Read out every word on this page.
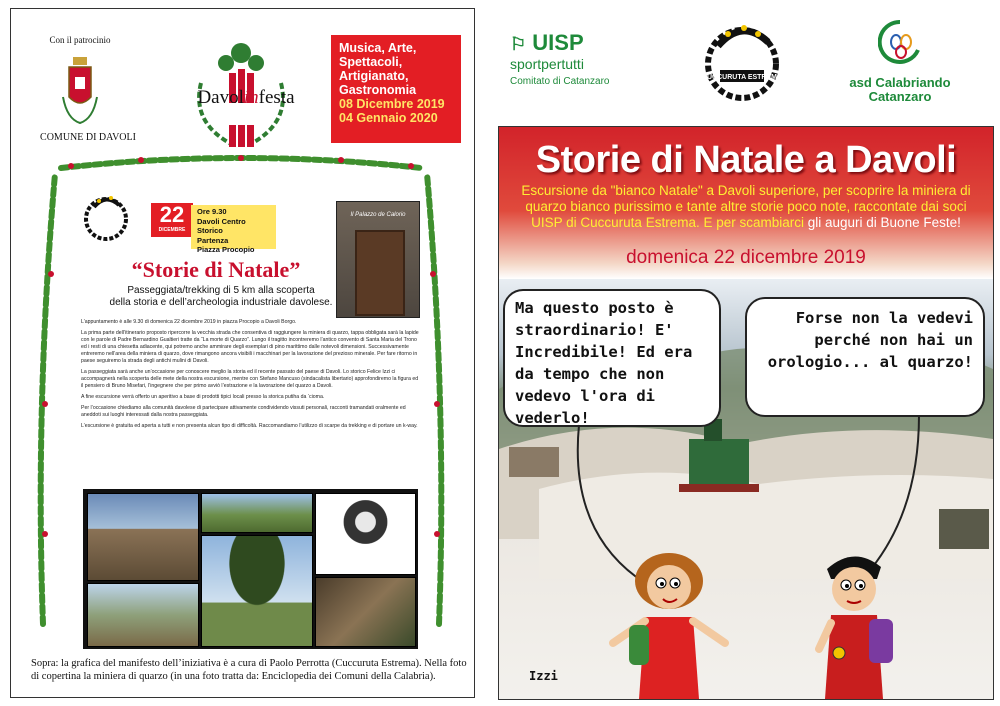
Con il patrocinio
COMUNE DI DAVOLI
Davolinfesta
Musica, Arte, Spettacoli, Artigianato, Gastronomia
08 Dicembre 2019
04 Gennaio 2020
22
DICEMBRE
Ore 9.30
Davoli Centro Storico
Partenza
Piazza Procopio
Il Palazzo de Calorio
“Storie di Natale”
Passeggiata/trekking di 5 km alla scoperta
della storia e dell’archeologia industriale davolese.

L’appuntamento è alle 9.30 di domenica 22 dicembre 2019 in piazza Procopio a Davoli Borgo.

La prima parte dell’itinerario proposto ripercorre la vecchia strada che consentiva di raggiungere la miniera di quarzo, tappa obbligata sarà la lapide con le parole di Padre Bernardino Gualtieri tratte da “La morte di Quarzo”. Lungo il tragitto incontreremo l’antico convento di Santa Maria del Trono ed i resti di una chiesetta adiacente, qui potremo anche ammirare degli esemplari di pino marittimo dalle notevoli dimensioni. Successivamente entreremo nell’area della miniera di quarzo, dove rimangono ancora visibili i macchinari per la lavorazione del prezioso minerale. Per fare ritorno in paese seguiremo la strada degli antichi mulini di Davoli.

La passeggiata sarà anche un’occasione per conoscere meglio la storia ed il recente passato del paese di Davoli. Lo storico Felice Izzi ci accompagnerà nella scoperta delle mete della nostra escursione, mentre con Stefano Mancuso (sindacalista libertario) approfondiremo la figura ed il pensiero di Bruno Misefari, l’ingegnere che per primo avviò l’estrazione e la lavorazione del quarzo a Davoli.

A fine escursione verrà offerto un aperitivo a base di prodotti tipici locali presso la storica putiha da ‘cioma.

Per l’occasione chiediamo alla comunità davolese di partecipare attivamente condividendo vissuti personali, racconti tramandati oralmente ed aneddoti sui luoghi interessati dalla nostra passeggiata.

L’escursione è gratuita ed aperta a tutti e non presenta alcun tipo di difficoltà. Raccomandiamo l’utilizzo di scarpe da trekking e di portare un k-way.

Sopra: la grafica del manifesto dell’iniziativa è a cura di Paolo Perrotta (Cuccuruta Estrema). Nella foto di copertina la miniera di quarzo (in una foto tratta da: Enciclopedia dei Comuni della Calabria).
⚐ UISP
sportpertutti
Comitato di Catanzaro	CUCCURUTA ESTREMA	asd Calabriando
Catanzaro
Storie di Natale a Davoli
Escursione da "bianco Natale" a Davoli superiore, per scoprire la miniera di quarzo bianco purissimo e tante altre storie poco note, raccontate dai soci UISP di Cuccuruta Estrema. E per scambiarci gli auguri di Buone Feste!
domenica 22 dicembre 2019
Ma questo posto è straordinario! E' Incredibile! Ed era da tempo che non vedevo l'ora di vederlo!
Forse non la vedevi perché non hai un orologio... al quarzo!
Izzi
